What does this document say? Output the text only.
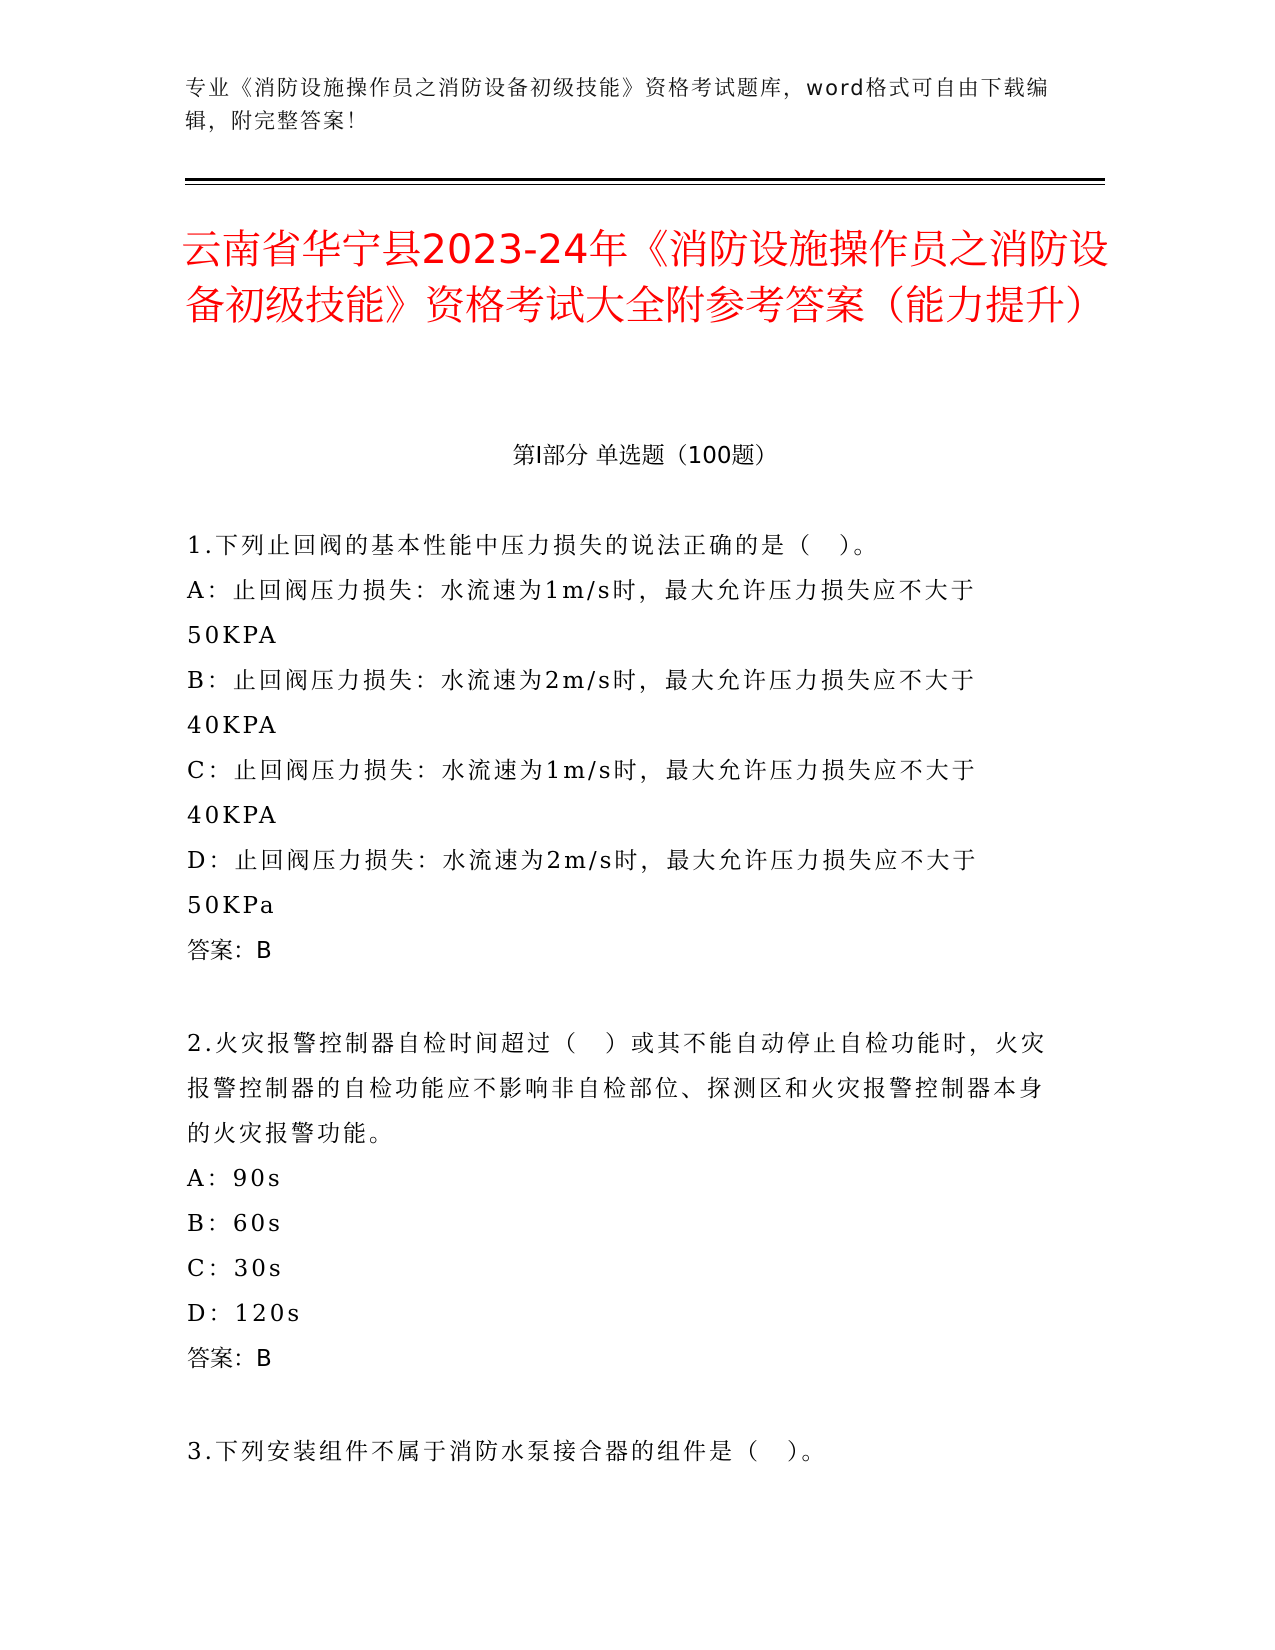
专业《消防设施操作员之消防设备初级技能》资格考试题库，word格式可自由下载编辑，附完整答案！
云南省华宁县2023-24年《消防设施操作员之消防设备初级技能》资格考试大全附参考答案（能力提升）
第Ⅰ部分 单选题（100题）

1.下列止回阀的基本性能中压力损失的说法正确的是（　）。

A：止回阀压力损失：水流速为1m/s时，最大允许压力损失应不大于50KPA

B：止回阀压力损失：水流速为2m/s时，最大允许压力损失应不大于40KPA

C：止回阀压力损失：水流速为1m/s时，最大允许压力损失应不大于40KPA

D：止回阀压力损失：水流速为2m/s时，最大允许压力损失应不大于50KPa

答案：B

2.火灾报警控制器自检时间超过（　）或其不能自动停止自检功能时，火灾报警控制器的自检功能应不影响非自检部位、探测区和火灾报警控制器本身的火灾报警功能。

A：90s

B：60s

C：30s

D：120s

答案：B

3.下列安装组件不属于消防水泵接合器的组件是（　）。
